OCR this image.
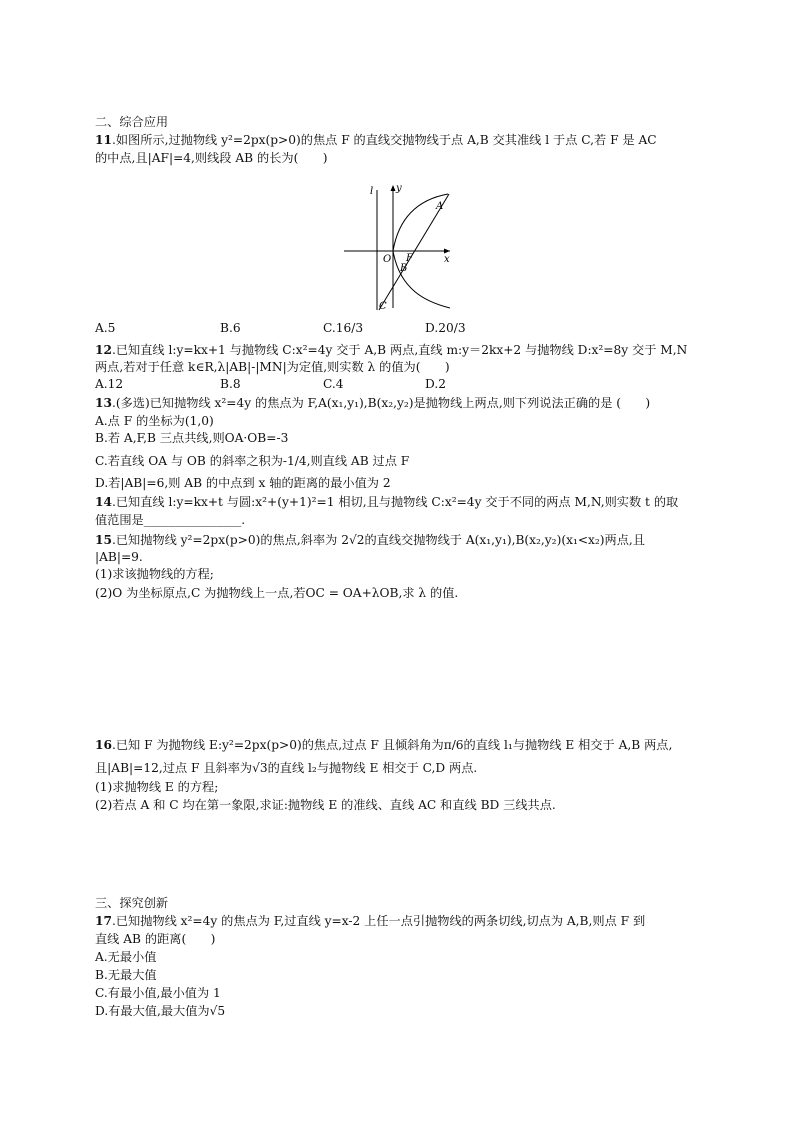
二、综合应用
11.如图所示,过抛物线 y²=2px(p>0)的焦点 F 的直线交抛物线于点 A,B 交其准线 l 于点 C,若 F 是 AC
的中点,且|AF|=4,则线段 AB 的长为(　　)
l y
A
O F
B
x
C
A.5	B.6	C.16/3	D.20/3
12.已知直线 l:y=kx+1 与抛物线 C:x²=4y 交于 A,B 两点,直线 m:y＝2kx+2 与抛物线 D:x²=8y 交于 M,N
两点,若对于任意 k∈R,λ|AB|-|MN|为定值,则实数 λ 的值为(　　)
A.12	B.8	C.4	D.2
13.(多选)已知抛物线 x²=4y 的焦点为 F,A(x₁,y₁),B(x₂,y₂)是抛物线上两点,则下列说法正确的是 (　　)
A.点 F 的坐标为(1,0)
B.若 A,F,B 三点共线,则OA·OB=-3
C.若直线 OA 与 OB 的斜率之积为-1/4,则直线 AB 过点 F
D.若|AB|=6,则 AB 的中点到 x 轴的距离的最小值为 2
14.已知直线 l:y=kx+t 与圆:x²+(y+1)²=1 相切,且与抛物线 C:x²=4y 交于不同的两点 M,N,则实数 t 的取
值范围是________________.
15.已知抛物线 y²=2px(p>0)的焦点,斜率为 2√2的直线交抛物线于 A(x₁,y₁),B(x₂,y₂)(x₁<x₂)两点,且
|AB|=9.
(1)求该抛物线的方程;
(2)O 为坐标原点,C 为抛物线上一点,若OC = OA+λOB,求 λ 的值.
16.已知 F 为抛物线 E:y²=2px(p>0)的焦点,过点 F 且倾斜角为π/6的直线 l₁与抛物线 E 相交于 A,B 两点,
且|AB|=12,过点 F 且斜率为√3的直线 l₂与抛物线 E 相交于 C,D 两点.
(1)求抛物线 E 的方程;
(2)若点 A 和 C 均在第一象限,求证:抛物线 E 的准线、直线 AC 和直线 BD 三线共点.
三、探究创新
17.已知抛物线 x²=4y 的焦点为 F,过直线 y=x-2 上任一点引抛物线的两条切线,切点为 A,B,则点 F 到
直线 AB 的距离(　　)
A.无最小值
B.无最大值
C.有最小值,最小值为 1
D.有最大值,最大值为√5
